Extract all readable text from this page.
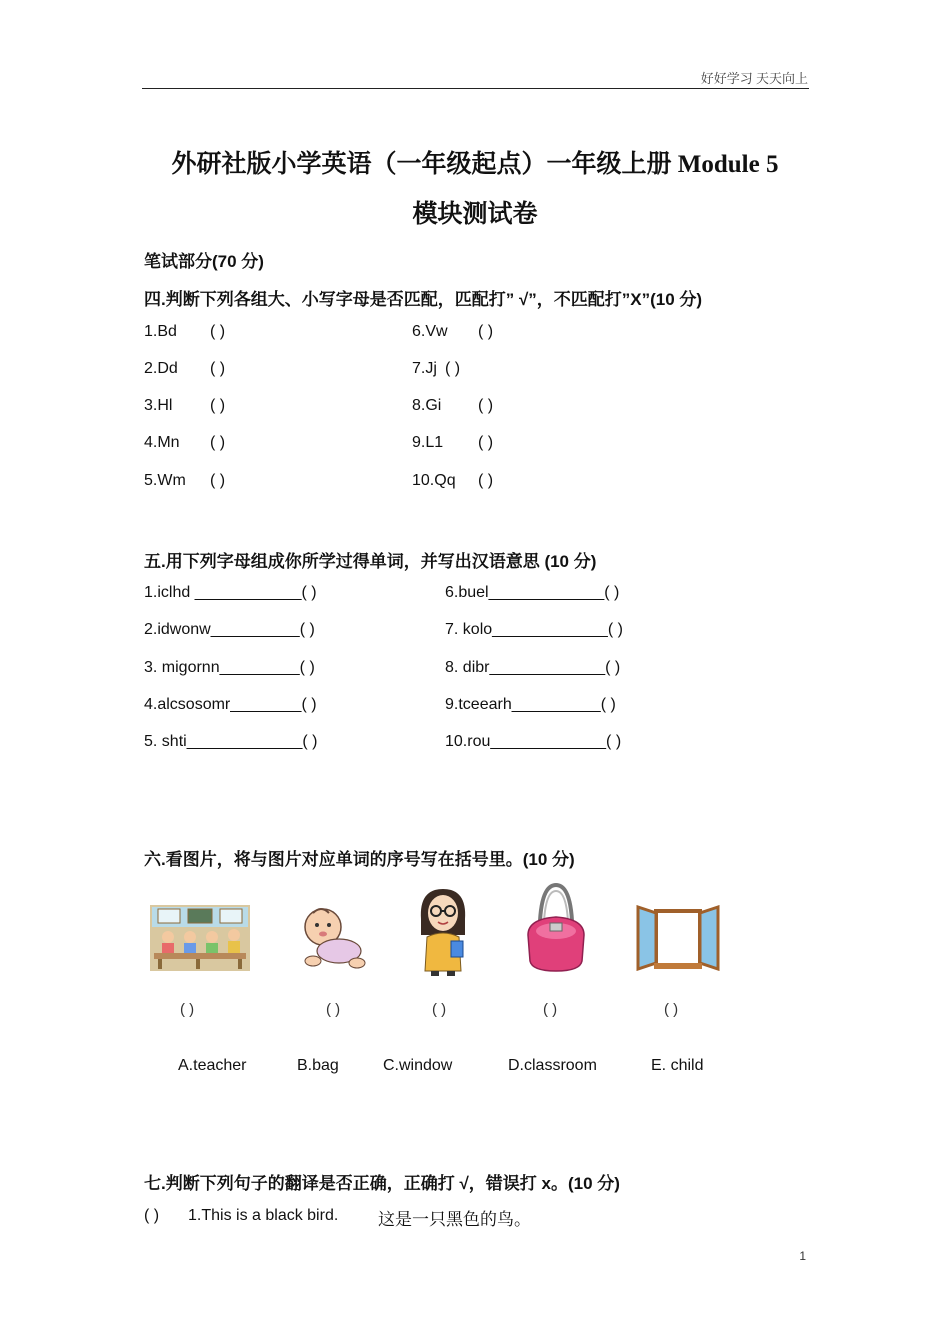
好好学习 天天向上
外研社版小学英语（一年级起点）一年级上册 Module 5
模块测试卷
笔试部分(70 分)
四.判断下列各组大、小写字母是否匹配，匹配打” √”，不匹配打”X”(10 分)
1.Bd ( )
2.Dd ( )
3.Hl ( )
4.Mn ( )
5.Wm ( )
6.Vw ( )
7.Jj ( )
8.Gi ( )
9.L1 ( )
10.Qq ( )
五.用下列字母组成你所学过得单词，并写出汉语意思 (10 分)
1.iclhd ____________( )
2.idwonw__________( )
3. migornn_________( )
4.alcsosomr________( )
5. shti_____________( )
6.buel_____________( )
7. kolo_____________( )
8. dibr_____________( )
9.tceearh__________( )
10.rou_____________( )
六.看图片，将与图片对应单词的序号写在括号里。(10 分)
( )	( )	( )	( )	( )
A.teacher	B.bag	C.window	D.classroom	E. child
七.判断下列句子的翻译是否正确，正确打 √，错误打 x。(10 分)
( ) 1.This is a black bird. 这是一只黑色的鸟。
1
